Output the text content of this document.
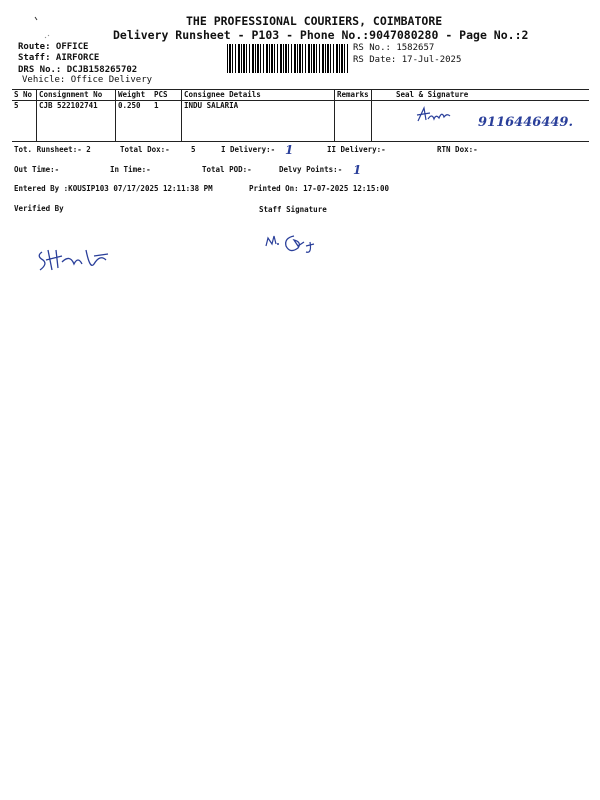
THE PROFESSIONAL COURIERS, COIMBATORE
Delivery Runsheet - P103 - Phone No.:9047080280 - Page No.:2
Route: OFFICE
Staff: AIRFORCE
DRS No.: DCJB158265702
Vehicle: Office Delivery
RS No.: 1582657
RS Date: 17-Jul-2025
S No	Consignment No	Weight	PCS	Consignee Details	Remarks	Seal & Signature
5	CJB 522102741	0.250	1	INDU SALARIA		9116446449.
Tot. Runsheet:- 2	Total Dox:-	5	I Delivery:- 1	II Delivery:-	RTN Dox:-
Out Time:-	In Time:-	Total POD:-	Delvy Points:- 1
Entered By :KOUSIP103 07/17/2025 12:11:38 PM	Printed On: 17-07-2025 12:15:00
Verified By	Staff Signature
